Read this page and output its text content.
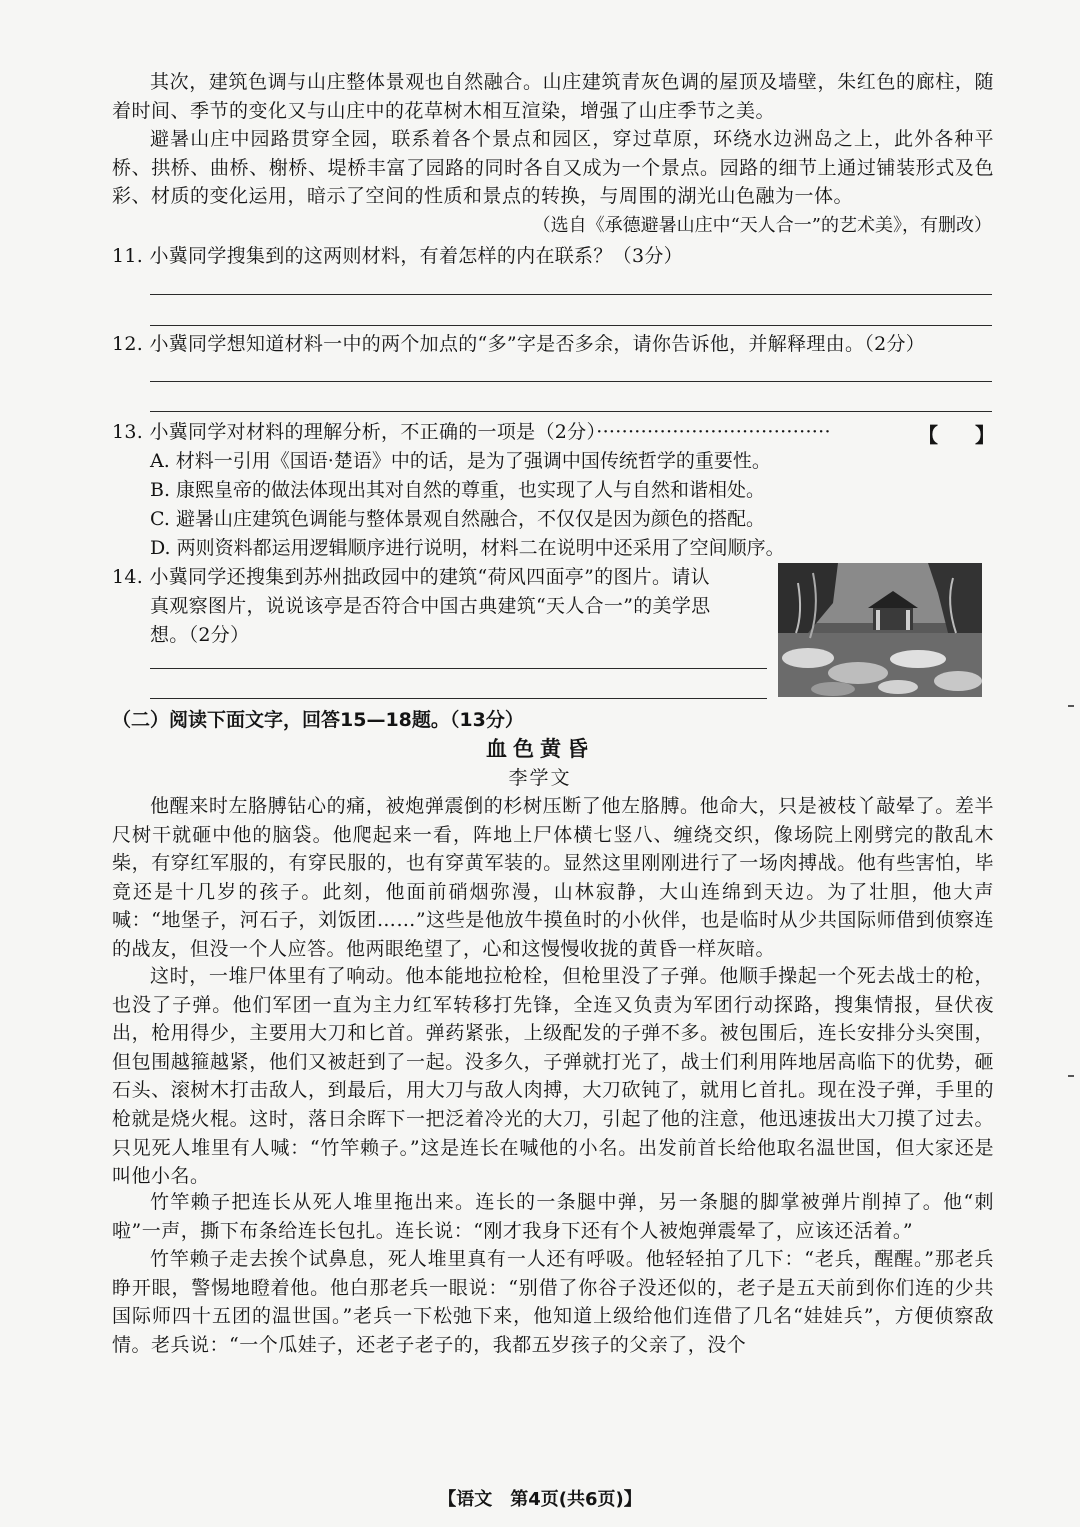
其次，建筑色调与山庄整体景观也自然融合。山庄建筑青灰色调的屋顶及墙壁，朱红色的廊柱，随着时间、季节的变化又与山庄中的花草树木相互渲染，增强了山庄季节之美。
避暑山庄中园路贯穿全园，联系着各个景点和园区，穿过草原，环绕水边洲岛之上，此外各种平桥、拱桥、曲桥、榭桥、堤桥丰富了园路的同时各自又成为一个景点。园路的细节上通过铺装形式及色彩、材质的变化运用，暗示了空间的性质和景点的转换，与周围的湖光山色融为一体。
（选自《承德避暑山庄中“天人合一”的艺术美》，有删改）
11. 小冀同学搜集到的这两则材料，有着怎样的内在联系？（3分）
12. 小冀同学想知道材料一中的两个加点的“多”字是否多余，请你告诉他，并解释理由。（2分）
13. 小冀同学对材料的理解分析，不正确的一项是（2分）·····································	【 】
A. 材料一引用《国语·楚语》中的话，是为了强调中国传统哲学的重要性。
B. 康熙皇帝的做法体现出其对自然的尊重，也实现了人与自然和谐相处。
C. 避暑山庄建筑色调能与整体景观自然融合，不仅仅是因为颜色的搭配。
D. 两则资料都运用逻辑顺序进行说明，材料二在说明中还采用了空间顺序。
14. 小冀同学还搜集到苏州拙政园中的建筑“荷风四面亭”的图片。请认
真观察图片，说说该亭是否符合中国古典建筑“天人合一”的美学思
想。（2分）
（二）阅读下面文字，回答15—18题。（13分）
血色黄昏
李学文
他醒来时左胳膊钻心的痛，被炮弹震倒的杉树压断了他左胳膊。他命大，只是被枝丫敲晕了。差半尺树干就砸中他的脑袋。他爬起来一看，阵地上尸体横七竖八、缠绕交织，像场院上刚劈完的散乱木柴，有穿红军服的，有穿民服的，也有穿黄军装的。显然这里刚刚进行了一场肉搏战。他有些害怕，毕竟还是十几岁的孩子。此刻，他面前硝烟弥漫，山林寂静，大山连绵到天边。为了壮胆，他大声喊：“地堡子，河石子，刘饭团……”这些是他放牛摸鱼时的小伙伴，也是临时从少共国际师借到侦察连的战友，但没一个人应答。他两眼绝望了，心和这慢慢收拢的黄昏一样灰暗。
这时，一堆尸体里有了响动。他本能地拉枪栓，但枪里没了子弹。他顺手操起一个死去战士的枪，也没了子弹。他们军团一直为主力红军转移打先锋，全连又负责为军团行动探路，搜集情报，昼伏夜出，枪用得少，主要用大刀和匕首。弹药紧张，上级配发的子弹不多。被包围后，连长安排分头突围，但包围越箍越紧，他们又被赶到了一起。没多久，子弹就打光了，战士们利用阵地居高临下的优势，砸石头、滚树木打击敌人，到最后，用大刀与敌人肉搏，大刀砍钝了，就用匕首扎。现在没子弹，手里的枪就是烧火棍。这时，落日余晖下一把泛着冷光的大刀，引起了他的注意，他迅速拔出大刀摸了过去。只见死人堆里有人喊：“竹竿赖子。”这是连长在喊他的小名。出发前首长给他取名温世国，但大家还是叫他小名。
竹竿赖子把连长从死人堆里拖出来。连长的一条腿中弹，另一条腿的脚掌被弹片削掉了。他“刺啦”一声，撕下布条给连长包扎。连长说：“刚才我身下还有个人被炮弹震晕了，应该还活着。”
竹竿赖子走去挨个试鼻息，死人堆里真有一人还有呼吸。他轻轻拍了几下：“老兵，醒醒。”那老兵睁开眼，警惕地瞪着他。他白那老兵一眼说：“别借了你谷子没还似的，老子是五天前到你们连的少共国际师四十五团的温世国。”老兵一下松弛下来，他知道上级给他们连借了几名“娃娃兵”，方便侦察敌情。老兵说：“一个瓜娃子，还老子老子的，我都五岁孩子的父亲了，没个
【语文　第4页(共6页)】
